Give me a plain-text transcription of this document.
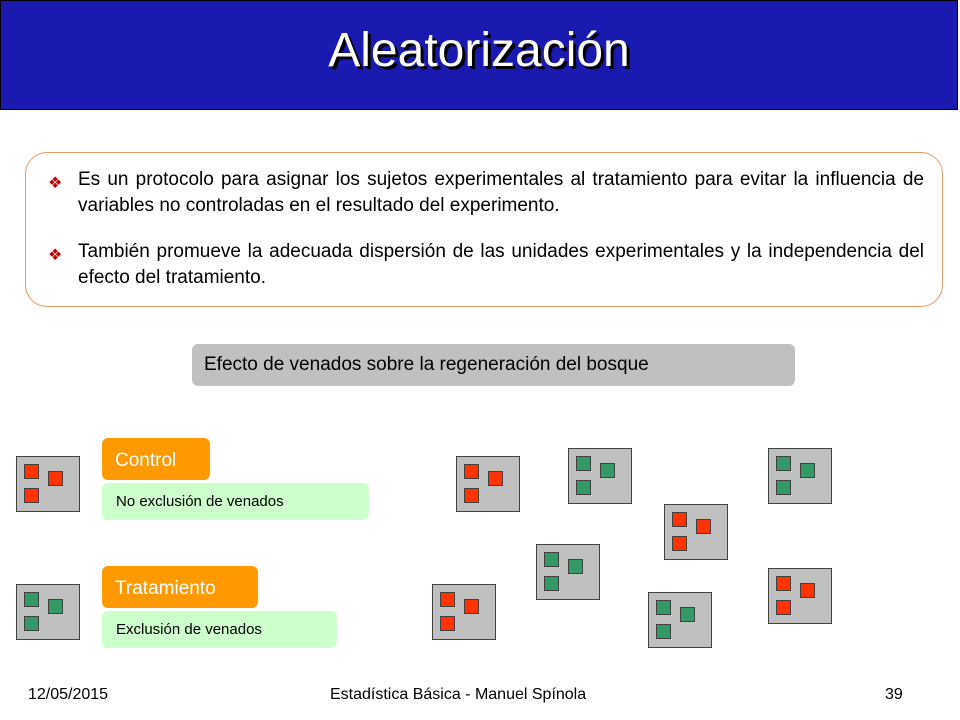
Aleatorización
❖ Es un protocolo para asignar los sujetos experimentales al tratamiento para evitar la influencia de variables no controladas en el resultado del experimento.
❖ También promueve la adecuada dispersión de las unidades experimentales y la independencia del efecto del tratamiento.
Efecto de venados sobre la regeneración del bosque
Control
No exclusión de venados
Tratamiento
Exclusión de venados
12/05/2015	Estadística Básica - Manuel Spínola	39
